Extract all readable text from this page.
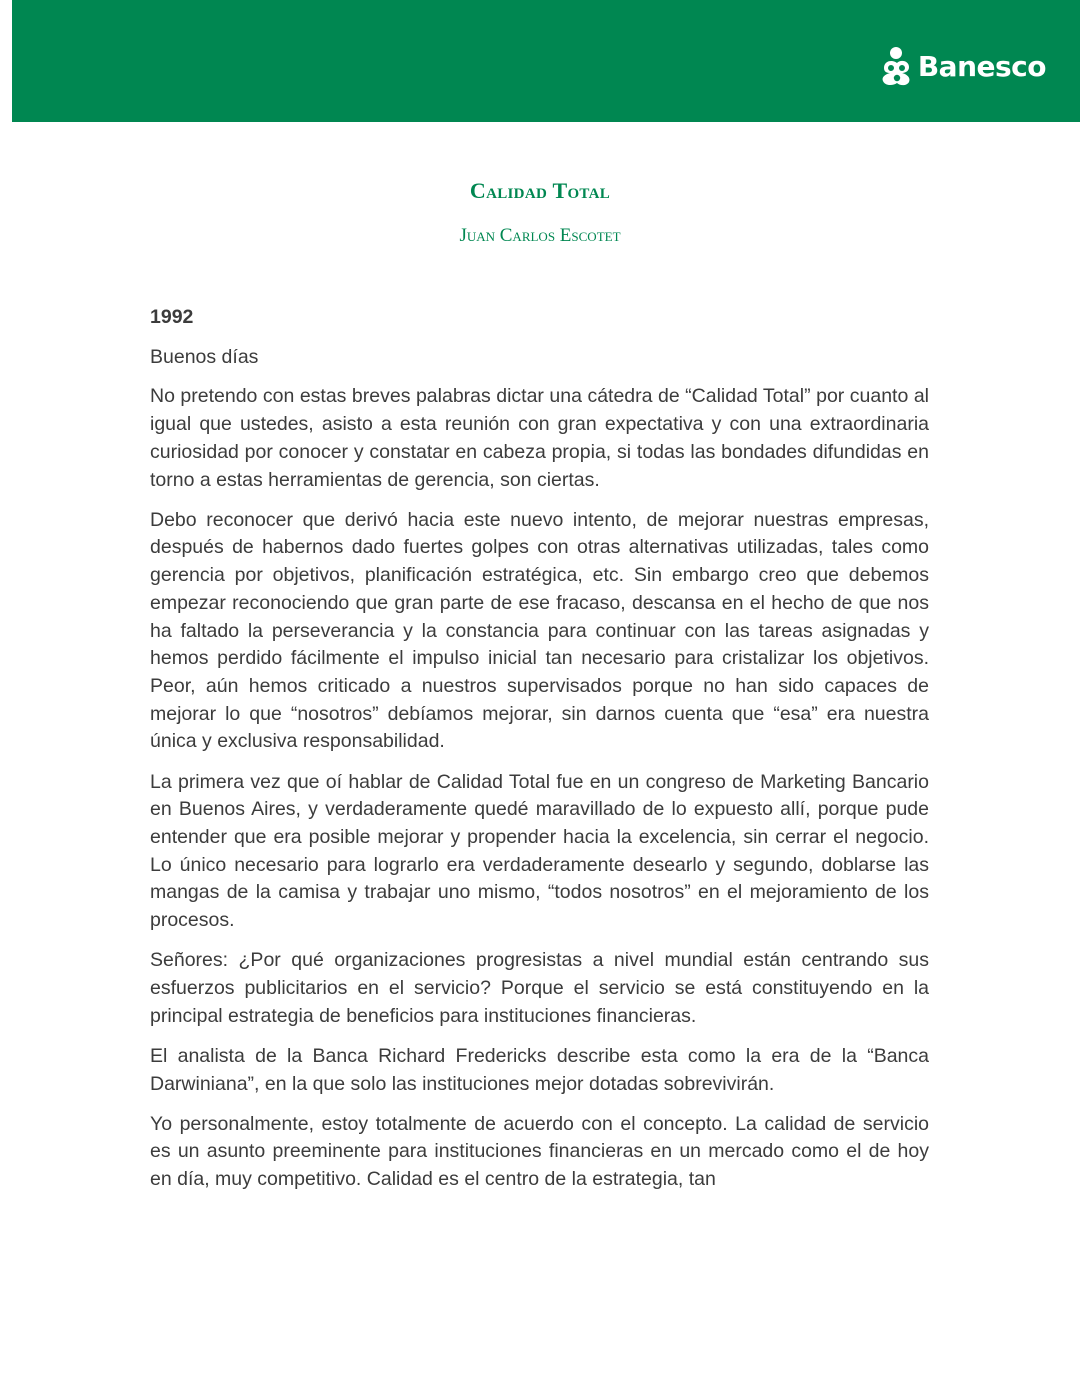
Banesco
Calidad Total
Juan Carlos Escotet

1992

Buenos días

No pretendo con estas breves palabras dictar una cátedra de “Calidad Total” por cuanto al igual que ustedes, asisto a esta reunión con gran expectativa y con una extraordinaria curiosidad por conocer y constatar en cabeza propia, si todas las bondades difundidas en torno a estas herramientas de gerencia, son ciertas.

Debo reconocer que derivó hacia este nuevo intento, de mejorar nuestras empresas, después de habernos dado fuertes golpes con otras alternativas utilizadas, tales como gerencia por objetivos, planificación estratégica, etc. Sin embargo creo que debemos empezar reconociendo que gran parte de ese fracaso, descansa en el hecho de que nos ha faltado la perseverancia y la constancia para continuar con las tareas asignadas y hemos perdido fácilmente el impulso inicial tan necesario para cristalizar los objetivos. Peor, aún hemos criticado a nuestros supervisados porque no han sido capaces de mejorar lo que “nosotros” debíamos mejorar, sin darnos cuenta que “esa” era nuestra única y exclusiva responsabilidad.

La primera vez que oí hablar de Calidad Total fue en un congreso de Marketing Bancario en Buenos Aires, y verdaderamente quedé maravillado de lo expuesto allí, porque pude entender que era posible mejorar y propender hacia la excelencia, sin cerrar el negocio. Lo único necesario para lograrlo era verdaderamente desearlo y segundo, doblarse las mangas de la camisa y trabajar uno mismo, “todos nosotros” en el mejoramiento de los procesos.

Señores: ¿Por qué organizaciones progresistas a nivel mundial están centrando sus esfuerzos publicitarios en el servicio? Porque el servicio se está constituyendo en la principal estrategia de beneficios para instituciones financieras.

El analista de la Banca Richard Fredericks describe esta como la era de la “Banca Darwiniana”, en la que solo las instituciones mejor dotadas sobrevivirán.

Yo personalmente, estoy totalmente de acuerdo con el concepto. La calidad de servicio es un asunto preeminente para instituciones financieras en un mercado como el de hoy en día, muy competitivo. Calidad es el centro de la estrategia, tan
